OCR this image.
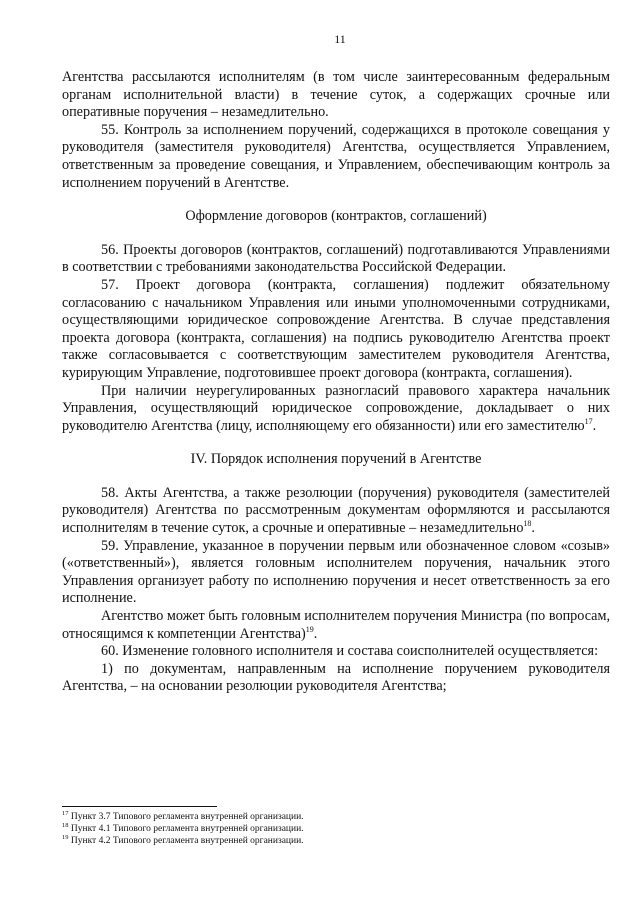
11

Агентства рассылаются исполнителям (в том числе заинтересованным федеральным органам исполнительной власти) в течение суток, а содержащих срочные или оперативные поручения – незамедлительно.

55. Контроль за исполнением поручений, содержащихся в протоколе совещания у руководителя (заместителя руководителя) Агентства, осуществляется Управлением, ответственным за проведение совещания, и Управлением, обеспечивающим контроль за исполнением поручений в Агентстве.

Оформление договоров (контрактов, соглашений)

56. Проекты договоров (контрактов, соглашений) подготавливаются Управлениями в соответствии с требованиями законодательства Российской Федерации.

57. Проект договора (контракта, соглашения) подлежит обязательному согласованию с начальником Управления или иными уполномоченными сотрудниками, осуществляющими юридическое сопровождение Агентства. В случае представления проекта договора (контракта, соглашения) на подпись руководителю Агентства проект также согласовывается с соответствующим заместителем руководителя Агентства, курирующим Управление, подготовившее проект договора (контракта, соглашения).

При наличии неурегулированных разногласий правового характера начальник Управления, осуществляющий юридическое сопровождение, докладывает о них руководителю Агентства (лицу, исполняющему его обязанности) или его заместителю$^{17}$.

IV. Порядок исполнения поручений в Агентстве

58. Акты Агентства, а также резолюции (поручения) руководителя (заместителей руководителя) Агентства по рассмотренным документам оформляются и рассылаются исполнителям в течение суток, а срочные и оперативные – незамедлительно$^{18}$.

59. Управление, указанное в поручении первым или обозначенное словом «созыв» («ответственный»), является головным исполнителем поручения, начальник этого Управления организует работу по исполнению поручения и несет ответственность за его исполнение.

Агентство может быть головным исполнителем поручения Министра (по вопросам, относящимся к компетенции Агентства)$^{19}$.

60. Изменение головного исполнителя и состава соисполнителей осуществляется:

1) по документам, направленным на исполнение поручением руководителя Агентства, – на основании резолюции руководителя Агентства;

$^{17}$ Пункт 3.7 Типового регламента внутренней организации.

$^{18}$ Пункт 4.1 Типового регламента внутренней организации.

$^{19}$ Пункт 4.2 Типового регламента внутренней организации.
